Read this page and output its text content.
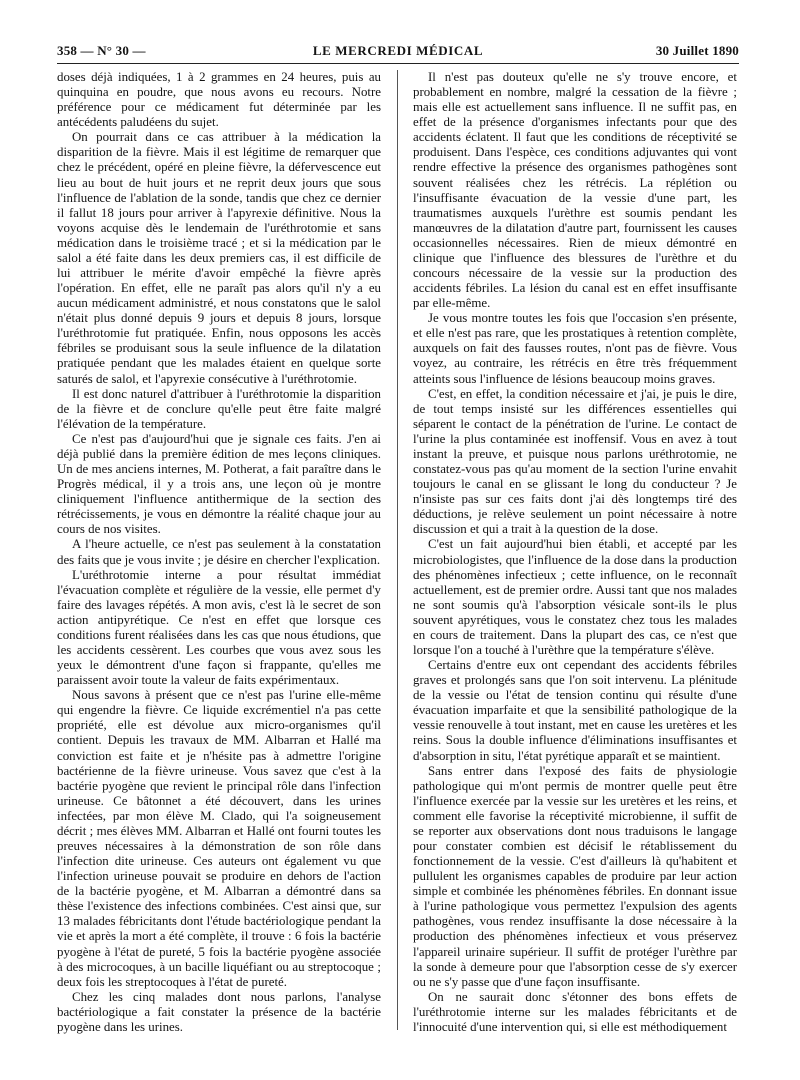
358 — N° 30 —	LE MERCREDI MÉDICAL	30 Juillet 1890

doses déjà indiquées, 1 à 2 grammes en 24 heures, puis au quinquina en poudre, que nous avons eu recours. Notre préférence pour ce médicament fut déterminée par les antécédents paludéens du sujet.

On pourrait dans ce cas attribuer à la médication la disparition de la fièvre. Mais il est légitime de remarquer que chez le précédent, opéré en pleine fièvre, la défervescence eut lieu au bout de huit jours et ne reprit deux jours que sous l'influence de l'ablation de la sonde, tandis que chez ce dernier il fallut 18 jours pour arriver à l'apyrexie définitive. Nous la voyons acquise dès le lendemain de l'uréthrotomie et sans médication dans le troisième tracé ; et si la médication par le salol a été faite dans les deux premiers cas, il est difficile de lui attribuer le mérite d'avoir empêché la fièvre après l'opération. En effet, elle ne paraît pas alors qu'il n'y a eu aucun médicament administré, et nous constatons que le salol n'était plus donné depuis 9 jours et depuis 8 jours, lorsque l'uréthrotomie fut pratiquée. Enfin, nous opposons les accès fébriles se produisant sous la seule influence de la dilatation pratiquée pendant que les malades étaient en quelque sorte saturés de salol, et l'apyrexie consécutive à l'uréthrotomie.

Il est donc naturel d'attribuer à l'uréthrotomie la disparition de la fièvre et de conclure qu'elle peut être faite malgré l'élévation de la température.

Ce n'est pas d'aujourd'hui que je signale ces faits. J'en ai déjà publié dans la première édition de mes leçons cliniques. Un de mes anciens internes, M. Potherat, a fait paraître dans le Progrès médical, il y a trois ans, une leçon où je montre cliniquement l'influence antithermique de la section des rétrécissements, je vous en démontre la réalité chaque jour au cours de nos visites.

A l'heure actuelle, ce n'est pas seulement à la constatation des faits que je vous invite ; je désire en chercher l'explication.

L'uréthrotomie interne a pour résultat immédiat l'évacuation complète et régulière de la vessie, elle permet d'y faire des lavages répétés. A mon avis, c'est là le secret de son action antipyrétique. Ce n'est en effet que lorsque ces conditions furent réalisées dans les cas que nous étudions, que les accidents cessèrent. Les courbes que vous avez sous les yeux le démontrent d'une façon si frappante, qu'elles me paraissent avoir toute la valeur de faits expérimentaux.

Nous savons à présent que ce n'est pas l'urine elle-même qui engendre la fièvre. Ce liquide excrémentiel n'a pas cette propriété, elle est dévolue aux micro-organismes qu'il contient. Depuis les travaux de MM. Albarran et Hallé ma conviction est faite et je n'hésite pas à admettre l'origine bactérienne de la fièvre urineuse. Vous savez que c'est à la bactérie pyogène que revient le principal rôle dans l'infection urineuse. Ce bâtonnet a été découvert, dans les urines infectées, par mon élève M. Clado, qui l'a soigneusement décrit ; mes élèves MM. Albarran et Hallé ont fourni toutes les preuves nécessaires à la démonstration de son rôle dans l'infection dite urineuse. Ces auteurs ont également vu que l'infection urineuse pouvait se produire en dehors de l'action de la bactérie pyogène, et M. Albarran a démontré dans sa thèse l'existence des infections combinées. C'est ainsi que, sur 13 malades fébricitants dont l'étude bactériologique pendant la vie et après la mort a été complète, il trouve : 6 fois la bactérie pyogène à l'état de pureté, 5 fois la bactérie pyogène associée à des microcoques, à un bacille liquéfiant ou au streptocoque ; deux fois les streptocoques à l'état de pureté.

Chez les cinq malades dont nous parlons, l'analyse bactériologique a fait constater la présence de la bactérie pyogène dans les urines.

Il n'est pas douteux qu'elle ne s'y trouve encore, et probablement en nombre, malgré la cessation de la fièvre ; mais elle est actuellement sans influence. Il ne suffit pas, en effet de la présence d'organismes infectants pour que des accidents éclatent. Il faut que les conditions de réceptivité se produisent. Dans l'espèce, ces conditions adjuvantes qui vont rendre effective la présence des organismes pathogènes sont souvent réalisées chez les rétrécis. La réplétion ou l'insuffisante évacuation de la vessie d'une part, les traumatismes auxquels l'urèthre est soumis pendant les manœuvres de la dilatation d'autre part, fournissent les causes occasionnelles nécessaires. Rien de mieux démontré en clinique que l'influence des blessures de l'urèthre et du concours nécessaire de la vessie sur la production des accidents fébriles. La lésion du canal est en effet insuffisante par elle-même.

Je vous montre toutes les fois que l'occasion s'en présente, et elle n'est pas rare, que les prostatiques à retention complète, auxquels on fait des fausses routes, n'ont pas de fièvre. Vous voyez, au contraire, les rétrécis en être très fréquemment atteints sous l'influence de lésions beaucoup moins graves.

C'est, en effet, la condition nécessaire et j'ai, je puis le dire, de tout temps insisté sur les différences essentielles qui séparent le contact de la pénétration de l'urine. Le contact de l'urine la plus contaminée est inoffensif. Vous en avez à tout instant la preuve, et puisque nous parlons uréthrotomie, ne constatez-vous pas qu'au moment de la section l'urine envahit toujours le canal en se glissant le long du conducteur ? Je n'insiste pas sur ces faits dont j'ai dès longtemps tiré des déductions, je relève seulement un point nécessaire à notre discussion et qui a trait à la question de la dose.

C'est un fait aujourd'hui bien établi, et accepté par les microbiologistes, que l'influence de la dose dans la production des phénomènes infectieux ; cette influence, on le reconnaît actuellement, est de premier ordre. Aussi tant que nos malades ne sont soumis qu'à l'absorption vésicale sont-ils le plus souvent apyrétiques, vous le constatez chez tous les malades en cours de traitement. Dans la plupart des cas, ce n'est que lorsque l'on a touché à l'urèthre que la température s'élève.

Certains d'entre eux ont cependant des accidents fébriles graves et prolongés sans que l'on soit intervenu. La plénitude de la vessie ou l'état de tension continu qui résulte d'une évacuation imparfaite et que la sensibilité pathologique de la vessie renouvelle à tout instant, met en cause les uretères et les reins. Sous la double influence d'éliminations insuffisantes et d'absorption in situ, l'état pyrétique apparaît et se maintient.

Sans entrer dans l'exposé des faits de physiologie pathologique qui m'ont permis de montrer quelle peut être l'influence exercée par la vessie sur les uretères et les reins, et comment elle favorise la réceptivité microbienne, il suffit de se reporter aux observations dont nous traduisons le langage pour constater combien est décisif le rétablissement du fonctionnement de la vessie. C'est d'ailleurs là qu'habitent et pullulent les organismes capables de produire par leur action simple et combinée les phénomènes fébriles. En donnant issue à l'urine pathologique vous permettez l'expulsion des agents pathogènes, vous rendez insuffisante la dose nécessaire à la production des phénomènes infectieux et vous préservez l'appareil urinaire supérieur. Il suffit de protéger l'urèthre par la sonde à demeure pour que l'absorption cesse de s'y exercer ou ne s'y passe que d'une façon insuffisante.

On ne saurait donc s'étonner des bons effets de l'uréthrotomie interne sur les malades fébricitants et de l'innocuité d'une intervention qui, si elle est méthodiquement
